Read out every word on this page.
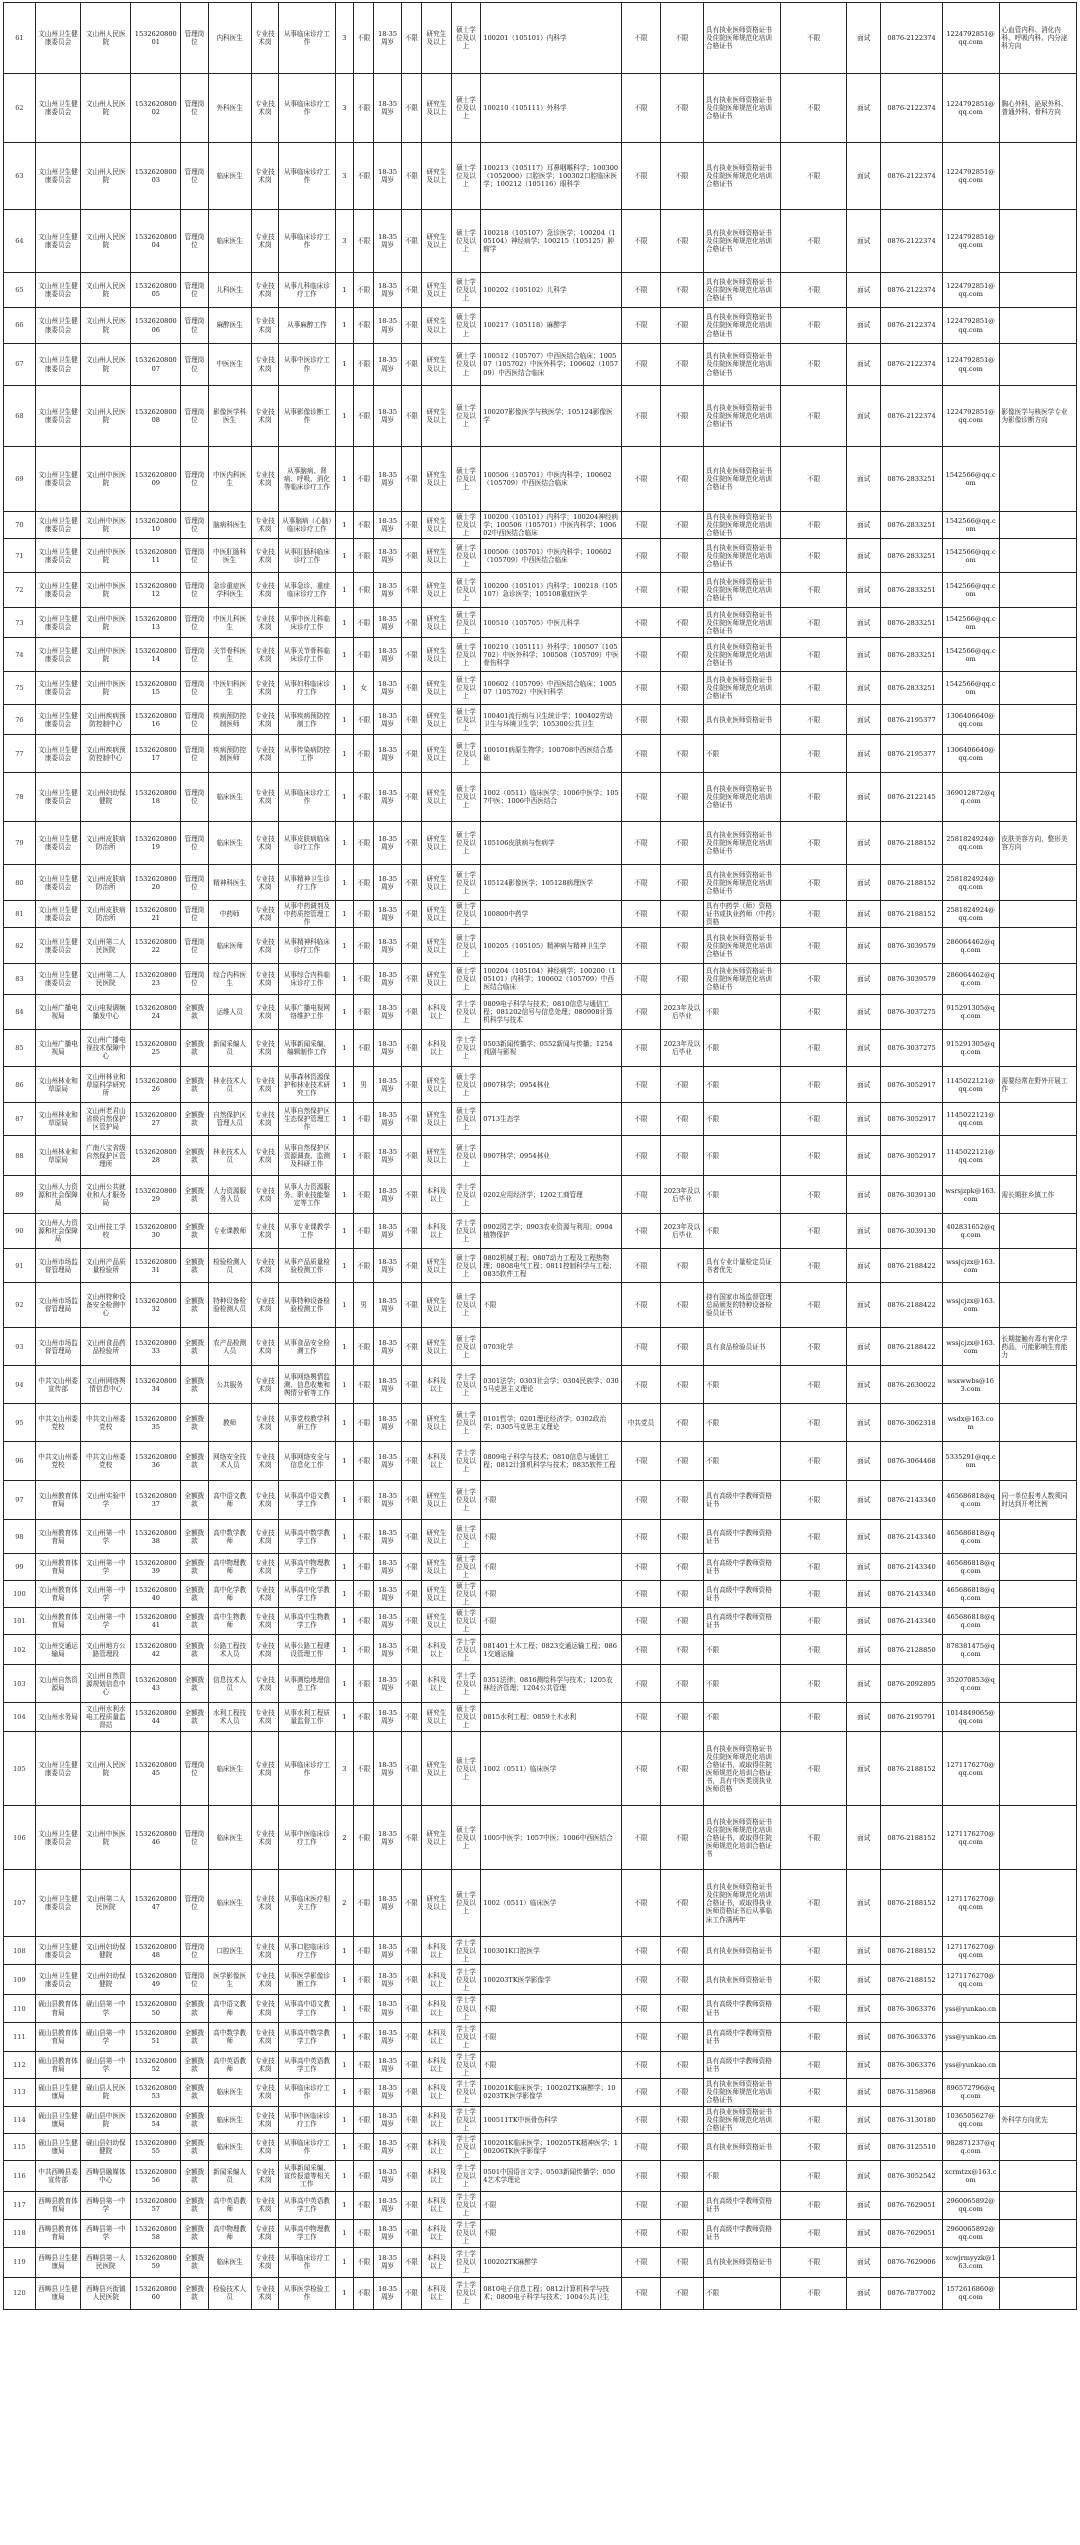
61	文山州卫生健康委员会	文山州人民医院	153262080001	管理岗位	内科医生	专业技术岗	从事临床诊疗工作	3	不限	18-35周岁	不限	研究生及以上	硕士学位及以上	100201（105101）内科学	不限	不限	具有执业医师资格证书及住院医师规范化培训合格证书	不限	面试	0876-2122374	1224792851@qq.com	心血管内科、消化内科、呼吸内科、内分泌科方向
62	文山州卫生健康委员会	文山州人民医院	153262080002	管理岗位	外科医生	专业技术岗	从事临床诊疗工作	3	不限	18-35周岁	不限	研究生及以上	硕士学位及以上	100210（105111）外科学	不限	不限	具有执业医师资格证书及住院医师规范化培训合格证书	不限	面试	0876-2122374	1224792851@qq.com	胸心外科、泌尿外科、普通外科、骨科方向
63	文山州卫生健康委员会	文山州人民医院	153262080003	管理岗位	临床医生	专业技术岗	从事临床诊疗工作	3	不限	18-35周岁	不限	研究生及以上	硕士学位及以上	100213（105117）耳鼻咽喉科学；100300（1052000）口腔医学；100302口腔临床医学；100212（105116）眼科学	不限	不限	具有执业医师资格证书及住院医师规范化培训合格证书	不限	面试	0876-2122374	1224792851@qq.com	
64	文山州卫生健康委员会	文山州人民医院	153262080004	管理岗位	临床医生	专业技术岗	从事临床诊疗工作	3	不限	18-35周岁	不限	研究生及以上	硕士学位及以上	100218（105107）急诊医学；100204（105104）神经病学；100215（105125）肿瘤学	不限	不限	具有执业医师资格证书及住院医师规范化培训合格证书	不限	面试	0876-2122374	1224792851@qq.com	
65	文山州卫生健康委员会	文山州人民医院	153262080005	管理岗位	儿科医生	专业技术岗	从事儿科临床诊疗工作	1	不限	18-35周岁	不限	研究生及以上	硕士学位及以上	100202（105102）儿科学	不限	不限	具有执业医师资格证书及住院医师规范化培训合格证书	不限	面试	0876-2122374	1224792851@qq.com	
66	文山州卫生健康委员会	文山州人民医院	153262080006	管理岗位	麻醉医生	专业技术岗	从事麻醉工作	1	不限	18-35周岁	不限	研究生及以上	硕士学位及以上	100217（105118）麻醉学	不限	不限	具有执业医师资格证书及住院医师规范化培训合格证书	不限	面试	0876-2122374	1224792851@qq.com	
67	文山州卫生健康委员会	文山州人民医院	153262080007	管理岗位	中医医生	专业技术岗	从事中医诊疗工作	1	不限	18-35周岁	不限	研究生及以上	硕士学位及以上	100512（105707）中西医结合临床；100507（105702）中医外科学；100602（105709）中西医结合临床	不限	不限	具有执业医师资格证书及住院医师规范化培训合格证书	不限	面试	0876-2122374	1224792851@qq.com	
68	文山州卫生健康委员会	文山州人民医院	153262080008	管理岗位	影像医学科医生	专业技术岗	从事影像诊断工作	1	不限	18-35周岁	不限	研究生及以上	硕士学位及以上	100207影像医学与核医学；105124影像医学	不限	不限	具有执业医师资格证书及住院医师规范化培训合格证书	不限	面试	0876-2122374	1224792851@qq.com	影像医学与核医学专业为影像诊断方向
69	文山州卫生健康委员会	文山州中医医院	153262080009	管理岗位	中医内科医生	专业技术岗	从事脑病、肾病、呼吸、消化等临床诊疗工作	1	不限	18-35周岁	不限	研究生及以上	硕士学位及以上	100506（105701）中医内科学；100602（105709）中西医结合临床	不限	不限	具有执业医师资格证书及住院医师规范化培训合格证书	不限	面试	0876-2833251	1542566@qq.com	
70	文山州卫生健康委员会	文山州中医医院	153262080010	管理岗位	脑病科医生	专业技术岗	从事脑病（心脑）临床诊疗工作	1	不限	18-35周岁	不限	研究生及以上	硕士学位及以上	100200（105101）内科学；100204神经病学；100506（105701）中医内科学；100602中西医结合临床	不限	不限	具有执业医师资格证书及住院医师规范化培训合格证书	不限	面试	0876-2833251	1542566@qq.com	
71	文山州卫生健康委员会	文山州中医医院	153262080011	管理岗位	中医肛肠科医生	专业技术岗	从事肛肠科临床诊疗工作	1	不限	18-35周岁	不限	研究生及以上	硕士学位及以上	100506（105701）中医内科学；100602（105709）中西医结合临床	不限	不限	具有执业医师资格证书及住院医师规范化培训合格证书	不限	面试	0876-2833251	1542566@qq.com	
72	文山州卫生健康委员会	文山州中医医院	153262080012	管理岗位	急诊重症医学科医生	专业技术岗	从事急诊、重症临床诊疗工作	1	不限	18-35周岁	不限	研究生及以上	硕士学位及以上	100200（105101）内科学；100218（105107）急诊医学；105108重症医学	不限	不限	具有执业医师资格证书及住院医师规范化培训合格证书	不限	面试	0876-2833251	1542566@qq.com	
73	文山州卫生健康委员会	文山州中医医院	153262080013	管理岗位	中医儿科医生	专业技术岗	从事中医儿科临床诊疗工作	1	不限	18-35周岁	不限	研究生及以上	硕士学位及以上	100510（105705）中医儿科学	不限	不限	具有执业医师资格证书及住院医师规范化培训合格证书	不限	面试	0876-2833251	1542566@qq.com	
74	文山州卫生健康委员会	文山州中医医院	153262080014	管理岗位	关节骨科医生	专业技术岗	从事关节骨科临床诊疗工作	1	不限	18-35周岁	不限	研究生及以上	硕士学位及以上	100210（105111）外科学；100507（105702）中医外科学；100508（105709）中医骨伤科学	不限	不限	具有执业医师资格证书及住院医师规范化培训合格证书	不限	面试	0876-2833251	1542566@qq.com	
75	文山州卫生健康委员会	文山州中医医院	153262080015	管理岗位	中医妇科医生	专业技术岗	从事妇科临床诊疗工作	1	女	18-35周岁	不限	研究生及以上	硕士学位及以上	100602（105709）中西医结合临床；100507（105702）中医妇科学	不限	不限	具有执业医师资格证书及住院医师规范化培训合格证书	不限	面试	0876-2833251	1542566@qq.com	
76	文山州卫生健康委员会	文山州疾病预防控制中心	153262080016	管理岗位	疾病预防控制医师	专业技术岗	从事疾病预防控制工作	1	不限	18-35周岁	不限	研究生及以上	硕士学位及以上	100401流行病与卫生统计学；100402劳动卫生与环境卫生学；105300公共卫生	不限	不限	具有执业医师资格证书	不限	面试	0876-2195377	1306406640@qq.com	
77	文山州卫生健康委员会	文山州疾病预防控制中心	153262080017	管理岗位	疾病预防控制医师	专业技术岗	从事传染病防控工作	1	不限	18-35周岁	不限	研究生及以上	硕士学位及以上	100101病原生物学；100708中西医结合基础	不限	不限	不限	不限	面试	0876-2195377	1306406640@qq.com	
78	文山州卫生健康委员会	文山州妇幼保健院	153262080018	管理岗位	临床医生	专业技术岗	从事临床诊疗工作	1	不限	18-35周岁	不限	研究生及以上	硕士学位及以上	1002（0511）临床医学；1006中医学；1057中医；1006中西医结合	不限	不限	具有执业医师资格证书及住院医师规范化培训合格证书	不限	面试	0876-2122145	369012872@qq.com	
79	文山州卫生健康委员会	文山州皮肤病防治所	153262080019	管理岗位	临床医生	专业技术岗	从事皮肤病临床诊疗工作	1	不限	18-35周岁	不限	研究生及以上	硕士学位及以上	105106皮肤病与性病学	不限	不限	具有执业医师资格证书及住院医师规范化培训合格证书	不限	面试	0876-2188152	2581824924@qq.com	皮肤美容方向，整形美容方向
80	文山州卫生健康委员会	文山州皮肤病防治所	153262080020	管理岗位	精神科医生	专业技术岗	从事精神卫生诊疗工作	1	不限	18-35周岁	不限	研究生及以上	硕士学位及以上	105124影像医学；105128病理医学	不限	不限	具有执业医师资格证书及住院医师规范化培训合格证书	不限	面试	0876-2188152	2581824924@qq.com	
81	文山州卫生健康委员会	文山州皮肤病防治所	153262080021	管理岗位	中药师	专业技术岗	从事中药调剂及中药质控管理工作	1	不限	18-35周岁	不限	研究生及以上	硕士学位及以上	100800中药学	不限	不限	具有中药学（师）资格证书或执业药师（中药）资格	不限	面试	0876-2188152	2581824924@qq.com	
82	文山州卫生健康委员会	文山州第二人民医院	153262080022	管理岗位	临床医师	专业技术岗	从事精神科临床诊疗工作	1	不限	18-35周岁	不限	研究生及以上	硕士学位及以上	100205（105105）精神病与精神卫生学	不限	不限	具有执业医师资格证书及住院医师规范化培训合格证书	不限	面试	0876-3039579	286064462@qq.com	
83	文山州卫生健康委员会	文山州第二人民医院	153262080023	管理岗位	综合内科医生	专业技术岗	从事综合内科临床诊疗工作	1	不限	18-35周岁	不限	研究生及以上	硕士学位及以上	100204（105104）神经病学；100200（105101）内科学；100602（105709）中西医结合临床	不限	不限	具有执业医师资格证书及住院医师规范化培训合格证书	不限	面试	0876-3039579	286064462@qq.com	
84	文山州广播电视局	文山电视调频播发中心	153262080024	全额拨款	运维人员	专业技术岗	从事广播电视网络维护工作	1	不限	18-35周岁	不限	本科及以上	学士学位及以上	0809电子科学与技术；0810信息与通信工程；081202信号与信息处理；080908计算机科学与技术	不限	2023年及以后毕业	不限	不限	面试	0876-3037275	915291305@qq.com	
85	文山州广播电视局	文山州广播电视技术保障中心	153262080025	全额拨款	新闻采编人员	专业技术岗	从事新闻采编、编辑制作工作	1	不限	18-35周岁	不限	本科及以上	学士学位及以上	0503新闻传播学；0552新闻与传播；1254戏剧与影视	不限	2023年及以后毕业	不限	不限	面试	0876-3037275	915291305@qq.com	
86	文山州林业和草原局	文山州林业和草原科学研究所	153262080026	全额拨款	林业技术人员	专业技术岗	从事森林资源保护和林业技术研究工作	1	男	18-35周岁	不限	研究生及以上	硕士学位及以上	0907林学；0954林业	不限	不限	不限	不限	面试	0876-3052917	1145022121@qq.com	需要经常在野外开展工作
87	文山州林业和草原局	文山州老君山省级自然保护区管护局	153262080027	全额拨款	自然保护区管理人员	专业技术岗	从事自然保护区生态保护管理工作	1	不限	18-35周岁	不限	研究生及以上	硕士学位及以上	0713生态学	不限	不限	不限	不限	面试	0876-3052917	1145022121@qq.com	
88	文山州林业和草原局	广南八宝省级自然保护区管理所	153262080028	全额拨款	林业技术人员	专业技术岗	从事自然保护区资源调查、监测及科研工作	1	不限	18-35周岁	不限	研究生及以上	硕士学位及以上	0907林学；0954林业	不限	不限	不限	不限	面试	0876-3052917	1145022121@qq.com	
89	文山州人力资源和社会保障局	文山州公共就业和人才服务局	153262080029	全额拨款	人力资源服务人员	专业技术岗	从事人力资源服务、职业技能鉴定等工作	1	不限	18-35周岁	不限	本科及以上	学士学位及以上	0202应用经济学；1202工商管理	不限	2023年及以后毕业	不限	不限	面试	0876-3039130	wsrsjzpk@163.com	需长期驻乡镇工作
90	文山州人力资源和社会保障局	文山州技工学校	153262080030	全额拨款	专业课教师	专业技术岗	从事专业课教学工作	1	不限	18-35周岁	不限	本科及以上	学士学位及以上	0902园艺学；0903农业资源与利用；0904植物保护	不限	2023年及以后毕业	不限	不限	面试	0876-3039130	402831652@qq.com	
91	文山州市场监督管理局	文山州产品质量检验所	153262080031	全额拨款	检验检测人员	专业技术岗	从事产品质量检验检测工作	1	不限	18-35周岁	不限	研究生及以上	硕士学位及以上	0802机械工程；0807动力工程及工程热物理；0808电气工程；0811控制科学与工程；0835软件工程	不限	不限	具有专业计量检定员证书者优先	不限	面试	0876-2188422	wssjcjzx@163.com	
92	文山州市场监督管理局	文山州特种设备安全检测中心	153262080032	全额拨款	特种设备检验检测人员	专业技术岗	从事特种设备检验检测工作	1	男	18-35周岁	不限	研究生及以上	硕士学位及以上	不限	不限	不限	持有国家市场监督管理总局颁发的特种设备检验员证书	不限	面试	0876-2188422	wssjcjzx@163.com	
93	文山州市场监督管理局	文山州食品药品检验所	153262080033	全额拨款	农产品检测人员	专业技术岗	从事食品安全检测工作	1	不限	18-35周岁	不限	研究生及以上	硕士学位及以上	0703化学	不限	不限	具有食品检验员证书	不限	面试	0876-2188422	wssjcjzx@163.com	长期接触有毒有害化学药品，可能影响生育能力
94	中共文山州委宣传部	文山州网络舆情信息中心	153262080034	全额拨款	公共服务	专业技术岗	从事网络舆情监测、信息收集和舆情分析等工作	1	不限	18-35周岁	不限	本科及以上	学士学位及以上	0301法学；0303社会学；0304民族学；0305马克思主义理论	不限	不限	不限	不限	面试	0876-2630022	wsxwwbs@163.com	
95	中共文山州委党校	中共文山州委党校	153262080035	全额拨款	教师	专业技术岗	从事党校教学科研工作	1	不限	18-35周岁	不限	研究生及以上	硕士学位及以上	0101哲学；0201理论经济学；0302政治学；0305马克思主义理论	中共党员	不限	不限	不限	面试	0876-3062318	wsdx@163.com	
96	中共文山州委党校	中共文山州委党校	153262080036	全额拨款	网络安全技术人员	专业技术岗	从事网络安全与信息化工作	1	不限	18-35周岁	不限	本科及以上	学士学位及以上	0809电子科学与技术；0810信息与通信工程；0812计算机科学与技术；0835软件工程	不限	不限	不限	不限	面试	0876-3064468	5335291@qq.com	
97	文山州教育体育局	文山州实验中学	153262080037	全额拨款	高中语文教师	专业技术岗	从事高中语文教学工作	1	不限	18-35周岁	不限	研究生及以上	硕士学位及以上	不限	不限	不限	具有高级中学教师资格证书	不限	面试	0876-2143340	465686818@qq.com	同一单位报考人数须同时达到开考比例
98	文山州教育体育局	文山州第一中学	153262080038	全额拨款	高中数学教师	专业技术岗	从事高中数学教学工作	1	不限	18-35周岁	不限	研究生及以上	硕士学位及以上	不限	不限	不限	具有高级中学教师资格证书	不限	面试	0876-2143340	465686818@qq.com	
99	文山州教育体育局	文山州第一中学	153262080039	全额拨款	高中物理教师	专业技术岗	从事高中物理教学工作	1	不限	18-35周岁	不限	研究生及以上	硕士学位及以上	不限	不限	不限	具有高级中学教师资格证书	不限	面试	0876-2143340	465686818@qq.com	
100	文山州教育体育局	文山州第一中学	153262080040	全额拨款	高中化学教师	专业技术岗	从事高中化学教学工作	1	不限	18-35周岁	不限	研究生及以上	硕士学位及以上	不限	不限	不限	具有高级中学教师资格证书	不限	面试	0876-2143340	465686818@qq.com	
101	文山州教育体育局	文山州第一中学	153262080041	全额拨款	高中生物教师	专业技术岗	从事高中生物教学工作	1	不限	18-35周岁	不限	研究生及以上	硕士学位及以上	不限	不限	不限	具有高级中学教师资格证书	不限	面试	0876-2143340	465686818@qq.com	
102	文山州交通运输局	文山州地方公路管理段	153262080042	全额拨款	公路工程技术人员	专业技术岗	从事公路工程建设管理工作	1	不限	18-35周岁	不限	本科及以上	学士学位及以上	081401土木工程；0823交通运输工程；0861交通运输	不限	不限	不限	不限	面试	0876-2128850	878381475@qq.com	
103	文山州自然资源局	文山州自然资源规划信息中心	153262080043	全额拨款	信息技术人员	专业技术岗	从事测绘地理信息工作	1	不限	18-35周岁	不限	本科及以上	学士学位及以上	0351法律；0816测绘科学与技术；1205农林经济管理；1204公共管理	不限	不限	不限	不限	面试	0876-2092895	352070853@qq.com	
104	文山州水务局	文山州水利水电工程质量监督站	153262080044	全额拨款	水利工程技术人员	专业技术岗	从事水利工程质量监督工作	1	不限	18-35周岁	不限	研究生及以上	硕士学位及以上	0815水利工程；0859土木水利	不限	不限	不限	不限	面试	0876-2195791	1014849065@qq.com	
105	文山州卫生健康委员会	文山州人民医院	153262080045	管理岗位	临床医生	专业技术岗	从事临床诊疗工作	3	不限	18-35周岁	不限	研究生及以上	硕士学位及以上	1002（0511）临床医学	不限	不限	具有执业医师资格证书及住院医师规范化培训合格证书，或取得住院医师规范化培训合格证书，具有中医类别执业医师资格	不限	面试	0876-2188152	1271176270@qq.com	
106	文山州卫生健康委员会	文山州中医医院	153262080046	管理岗位	临床医生	专业技术岗	从事中医临床诊疗工作	2	不限	18-35周岁	不限	研究生及以上	硕士学位及以上	1005中医学；1057中医；1006中西医结合	不限	不限	具有执业医师资格证书及住院医师规范化培训合格证书，或取得住院医师规范化培训合格证书	不限	面试	0876-2188152	1271176270@qq.com	
107	文山州卫生健康委员会	文山州第二人民医院	153262080047	管理岗位	临床医生	专业技术岗	从事临床医疗相关工作	2	不限	18-35周岁	不限	研究生及以上	硕士学位及以上	1002（0511）临床医学	不限	不限	具有执业医师资格证书及住院医师规范化培训合格证书，或取得执业医师资格证书后从事临床工作满两年	不限	面试	0876-2188152	1271176270@qq.com	
108	文山州卫生健康委员会	文山州妇幼保健院	153262080048	管理岗位	口腔医生	专业技术岗	从事口腔临床诊疗工作	1	不限	18-35周岁	不限	本科及以上	学士学位及以上	100301K口腔医学	不限	不限	具有执业医师资格证书	不限	面试	0876-2188152	1271176270@qq.com	
109	文山州卫生健康委员会	文山州妇幼保健院	153262080049	管理岗位	医学影像医生	专业技术岗	从事医学影像诊断工作	1	不限	18-35周岁	不限	本科及以上	学士学位及以上	100203TK医学影像学	不限	不限	具有执业医师资格证书	不限	面试	0876-2188152	1271176270@qq.com	
110	砚山县教育体育局	砚山县第一中学	153262080050	全额拨款	高中语文教师	专业技术岗	从事高中语文教学工作	1	不限	18-35周岁	不限	本科及以上	学士学位及以上	不限	不限	不限	具有高级中学教师资格证书	不限	面试	0876-3063376	yss@yunkao.cn	
111	砚山县教育体育局	砚山县第一中学	153262080051	全额拨款	高中数学教师	专业技术岗	从事高中数学教学工作	1	不限	18-35周岁	不限	本科及以上	学士学位及以上	不限	不限	不限	具有高级中学教师资格证书	不限	面试	0876-3063376	yss@yunkao.cn	
112	砚山县教育体育局	砚山县第一中学	153262080052	全额拨款	高中英语教师	专业技术岗	从事高中英语教学工作	1	不限	18-35周岁	不限	本科及以上	学士学位及以上	不限	不限	不限	具有高级中学教师资格证书	不限	面试	0876-3063376	yss@yunkao.cn	
113	砚山县卫生健康局	砚山县人民医院	153262080053	全额拨款	临床医生	专业技术岗	从事临床诊疗工作	1	不限	18-35周岁	不限	本科及以上	学士学位及以上	100201K临床医学；100202TK麻醉学；100203TK医学影像学	不限	不限	具有执业医师资格证书及住院医师规范化培训合格证书	不限	面试	0876-3158968	896572796@qq.com	
114	砚山县卫生健康局	砚山县中医医院	153262080054	全额拨款	临床医生	专业技术岗	从事中医临床诊疗工作	1	不限	18-35周岁	不限	本科及以上	学士学位及以上	100511TK中医骨伤科学	不限	不限	具有执业医师资格证书及住院医师规范化培训合格证书	不限	面试	0876-3130180	1036505627@qq.com	外科学方向优先
115	砚山县卫生健康局	砚山县妇幼保健院	153262080055	全额拨款	临床医生	专业技术岗	从事临床诊疗工作	1	不限	18-35周岁	不限	本科及以上	学士学位及以上	100201K临床医学；100205TK精神医学；100206TK医学影像学	不限	不限	具有执业医师资格证书	不限	面试	0876-3125510	982871237@qq.com	
116	中共西畴县委宣传部	西畴县融媒体中心	153262080056	全额拨款	新闻采编人员	专业技术岗	从事新闻采编、宣传报道等相关工作	1	不限	18-35周岁	不限	本科及以上	学士学位及以上	0501中国语言文学；0503新闻传播学；0504艺术学理论	不限	不限	不限	不限	面试	0876-3052542	xcrmtzx@163.com	
117	西畴县教育体育局	西畴县第一中学	153262080057	全额拨款	高中英语教师	专业技术岗	从事高中英语教学工作	1	不限	18-35周岁	不限	本科及以上	学士学位及以上	不限	不限	不限	具有高级中学教师资格证书	不限	面试	0876-7629051	2960065892@qq.com	
118	西畴县教育体育局	西畴县第一中学	153262080058	全额拨款	高中物理教师	专业技术岗	从事高中物理教学工作	1	不限	18-35周岁	不限	本科及以上	学士学位及以上	不限	不限	不限	具有高级中学教师资格证书	不限	面试	0876-7629051	2960065892@qq.com	
119	西畴县卫生健康局	西畴县第一人民医院	153262080059	全额拨款	临床医生	专业技术岗	从事临床诊疗工作	1	不限	18-35周岁	不限	本科及以上	学士学位及以上	100202TK麻醉学	不限	不限	具有执业医师资格证书	不限	面试	0876-7629006	xcwjrmyyzk@163.com	
120	西畴县卫生健康局	西畴县兴街镇人民医院	153262080060	全额拨款	检验技术人员	专业技术岗	从事医学检验工作	1	不限	18-35周岁	不限	本科及以上	学士学位及以上	0810电子信息工程；0812计算机科学与技术；0809电子科学与技术；1004公共卫生	不限	不限	不限	不限	面试	0876-7877002	1572616860@qq.com	
